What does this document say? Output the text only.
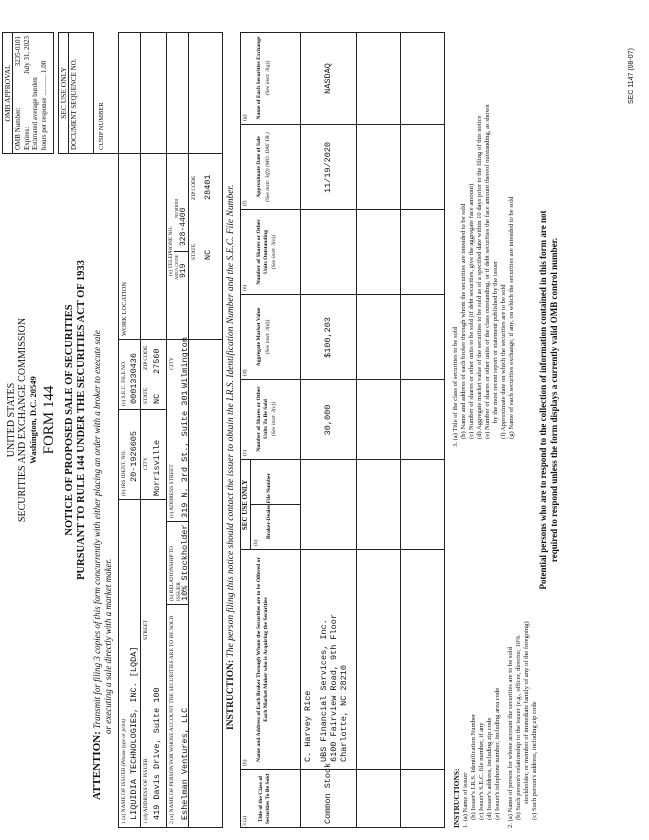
UNITED STATES SECURITIES AND EXCHANGE COMMISSION Washington, D.C. 20549 FORM 144 NOTICE OF PROPOSED SALE OF SECURITIES PURSUANT TO RULE 144 UNDER THE SECURITIES ACT OF 1933
OMB APPROVAL
OMB Number:
3235-0101
Expires:
July 31, 2023
Estimated average burden hours per response ............ 1.00 SEC USE ONLY DOCUMENT SEQUENCE NO.
ATTENTION: Transmit for filing 3 copies of this form concurrently with either placing an order with a broker to execute sale or executing a sale directly with a market maker.
1 (a) NAME OF ISSUER (Please type or print) LIQUIDIA TECHNOLOGIES, INC. [LQDA]
(b) IRS IDENT. NO. 20-1926605
(c) S.E.C. FILE NO. 0001330436
WORK LOCATION
CUSIP NUMBER
1 (d) ADDRESS OF ISSUER
STREET
419 Davis Drive, Suite 100
CITY Morrisville
STATE NC
ZIP CODE 27560
(e) TELEPHONE NO. AREA CODE 919
NUMBER 328-4400
2 (a) NAME OF PERSON FOR WHOSE ACCOUNT THE SECURITIES ARE TO BE SOLD Eshelman Ventures, LLC
(b) RELATIONSHIP TO ISSUER
10% Stockholder
(c) ADDRESS STREET 319 N. 3rd St., Suite 301
CITY Wilmington
STATE NC
ZIP CODE 28401
INSTRUCTION: The person filing this notice should contact the issuer to obtain the I.R.S. Identification Number and the S.E.C. File Number.
3 (a) Title of the Class of Securities To Be Sold
(b)
Name and Address of Each Broker Through Whom the Securities are to be Offered or Each Market Maker who is Acquiring the Securities
SEC USE ONLY
(b)
Broker-Dealer File Number
(c)
Number of Shares or Other Units To Be Sold (See instr. 3(c))
(d)
Aggregate Market Value (See instr. 3(d))
(e)
Number of Shares or Other Units Outstanding (See instr. 3(e))
(f)
Approximate Date of Sale (See instr. 3(f)) (MO. DAY YR.)
(g) Name of Each Securities Exchange (See instr. 3(g))
Common Stock
C. Harvey Rice UBS Financial Services, Inc. 6100 Fairview Road, 9th Floor Charlotte, NC 28210
30,000
$100,203
11/19/2020
NASDAQ
INSTRUCTIONS: 1. (a) Name of issuer (b) Issuer's I.R.S. Identification Number (c) Issuer's S.E.C. file number, if any (d) Issuer's address, including zip code (e) Issuer's telephone number, including area code 2. (a) Name of person for whose account the securities are to be sold (b) Such person's relationship to the issuer (e.g., officer, director, 10% stockholder, or member of immediate family of any of the foregoing) (c) Such person's address, including zip code
3. (a) Title of the class of securities to be sold (b) Name and address of each broker through whom the securities are intended to be sold (c) Number of shares or other units to be sold (if debt securities, give the aggregate face amount) (d) Aggregate market value of the securities to be sold as of a specified date within 10 days prior to the filing of this notice (e) Number of shares or other units of the class outstanding, or if debt securities the face amount thereof outstanding, as shown by the most recent report or statement published by the issuer (f) Approximate date on which the securities are to be sold (g) Name of each securities exchange, if any, on which the securities are intended to be sold	Potential persons who are to respond to the collection of information contained in this form are not required to respond unless the form displays a currently valid OMB control number.
SEC 1147 (08-07)
